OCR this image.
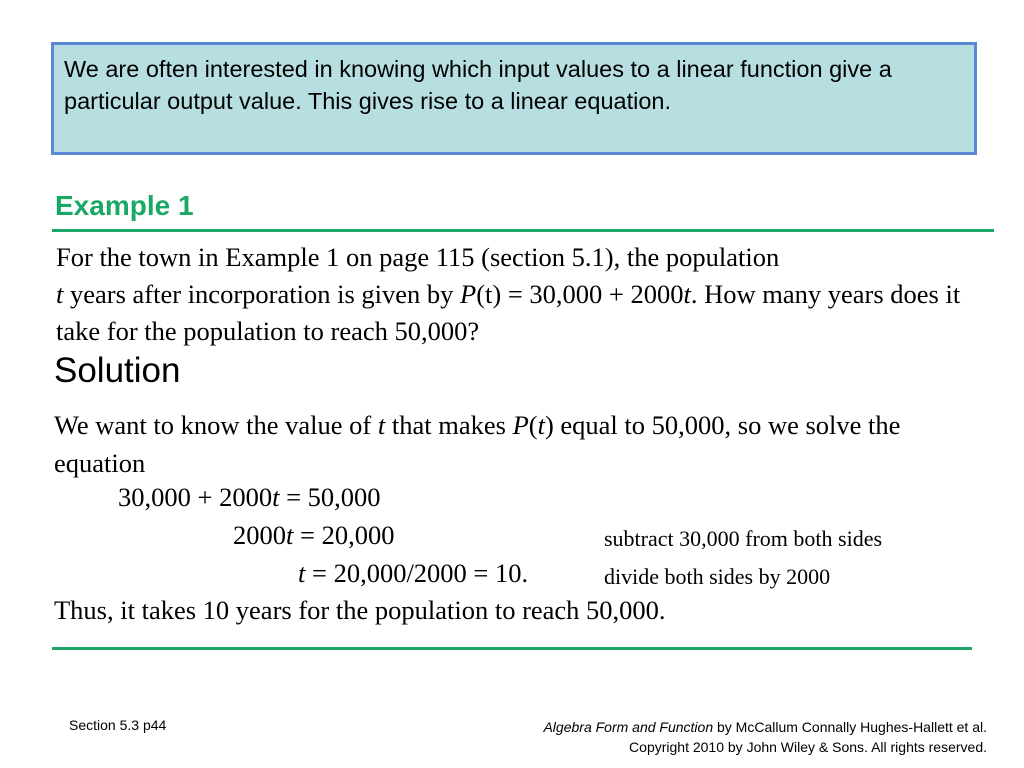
We are often interested in knowing which input values to a linear function give a particular output value. This gives rise to a linear equation.
Example 1
For the town in Example 1 on page 115 (section 5.1), the population
t years after incorporation is given by P(t) = 30,000 + 2000t. How many years does it take for the population to reach 50,000?
Solution
We want to know the value of t that makes P(t) equal to 50,000, so we solve the equation
30,000 + 2000t = 50,000
2000t = 20,000
t = 20,000/2000 = 10.
subtract 30,000 from both sides
divide both sides by 2000
Thus, it takes 10 years for the population to reach 50,000.
Section 5.3 p44	Algebra Form and Function by McCallum Connally Hughes-Hallett et al.
Copyright 2010 by John Wiley & Sons. All rights reserved.
